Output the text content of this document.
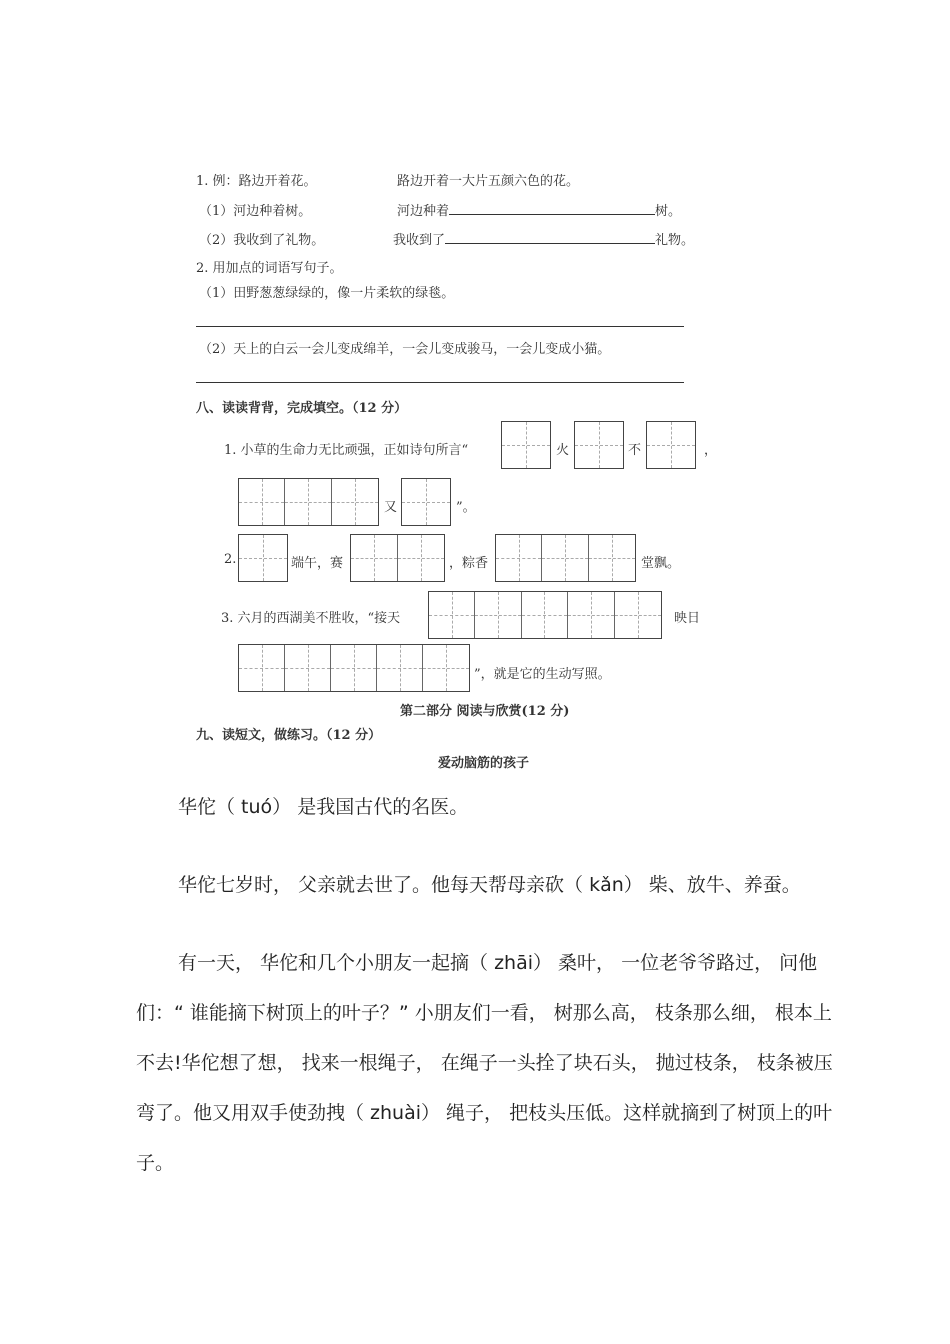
1. 例：路边开着花。	路边开着一大片五颜六色的花。
（1）河边种着树。	河边种着	树。
（2）我收到了礼物。	我收到了	礼物。
2. 用加点的词语写句子。
（1）田野葱葱绿绿的，像一片柔软的绿毯。
（2）天上的白云一会儿变成绵羊，一会儿变成骏马，一会儿变成小猫。
八、读读背背，完成填空。（12 分）
1. 小草的生命力无比顽强，正如诗句所言“	火	不	，
又	”。
2.	端午，赛	，粽香	堂飘。
3. 六月的西湖美不胜收，“接天	映日
”，就是它的生动写照。
第二部分 阅读与欣赏(12 分)
九、读短文，做练习。（12 分）
爱动脑筋的孩子

华佗（ tuó） 是我国古代的名医。

华佗七岁时， 父亲就去世了。他每天帮母亲砍（ kǎn） 柴、放牛、养蚕。

有一天， 华佗和几个小朋友一起摘（ zhāi） 桑叶， 一位老爷爷路过， 问他们：“ 谁能摘下树顶上的叶子？” 小朋友们一看， 树那么高， 枝条那么细， 根本上不去!华佗想了想， 找来一根绳子， 在绳子一头拴了块石头， 抛过枝条， 枝条被压弯了。他又用双手使劲拽（ zhuài） 绳子， 把枝头压低。这样就摘到了树顶上的叶子。
